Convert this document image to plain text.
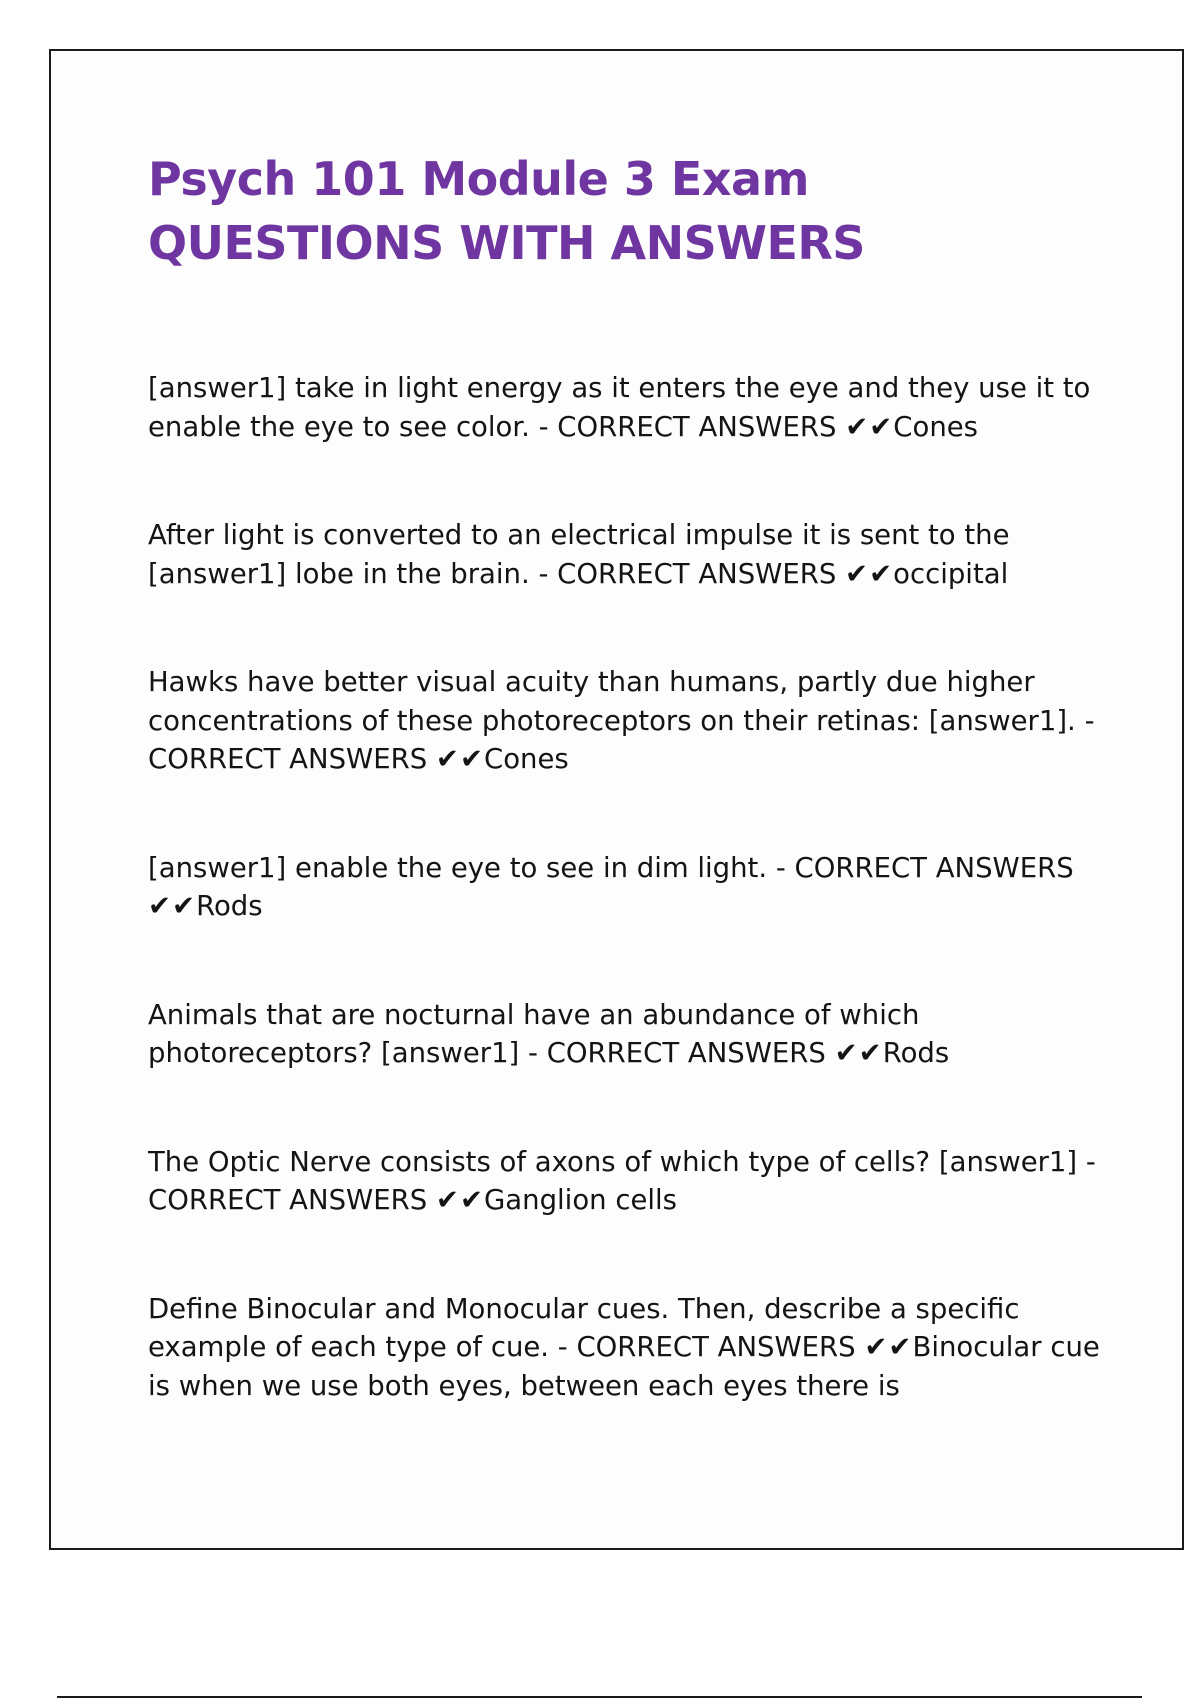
Psych 101 Module 3 Exam
QUESTIONS WITH ANSWERS

[answer1] take in light energy as it enters the eye and they use it to enable the eye to see color. - CORRECT ANSWERS ✔✔Cones

After light is converted to an electrical impulse it is sent to the [answer1] lobe in the brain. - CORRECT ANSWERS ✔✔occipital

Hawks have better visual acuity than humans, partly due higher concentrations of these photoreceptors on their retinas: [answer1]. - CORRECT ANSWERS ✔✔Cones

[answer1] enable the eye to see in dim light. - CORRECT ANSWERS ✔✔Rods

Animals that are nocturnal have an abundance of which photoreceptors? [answer1] - CORRECT ANSWERS ✔✔Rods

The Optic Nerve consists of axons of which type of cells? [answer1] - CORRECT ANSWERS ✔✔Ganglion cells

Define Binocular and Monocular cues. Then, describe a specific example of each type of cue. - CORRECT ANSWERS ✔✔Binocular cue is when we use both eyes, between each eyes there is
